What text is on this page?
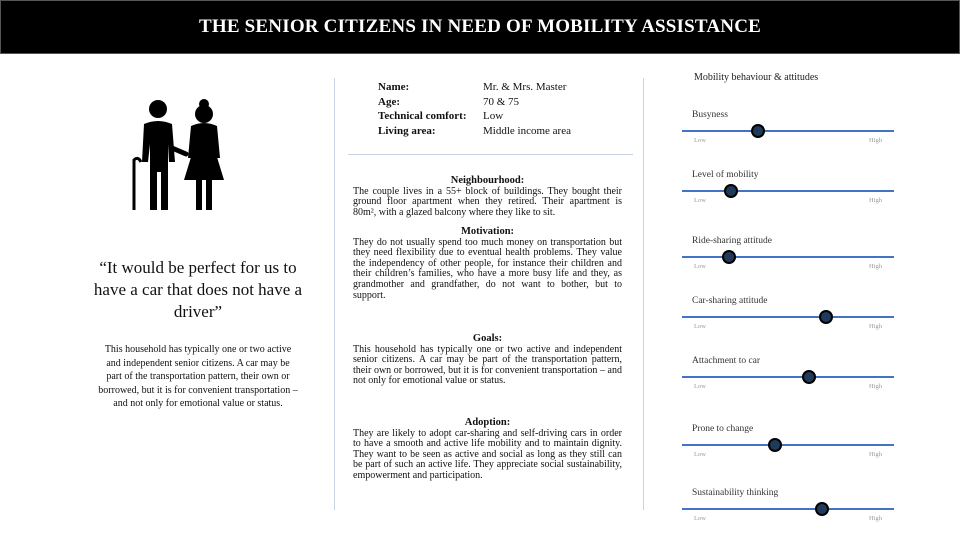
THE SENIOR CITIZENS IN NEED OF MOBILITY ASSISTANCE
“It would be perfect for us to have a car that does not have a driver”
This household has typically one or two active and independent senior citizens. A car may be part of the transportation pattern, their own or borrowed, but it is for convenient transportation – and not only for emotional value or status.
Name:	Mr. & Mrs. Master
Age:	70 & 75
Technical comfort:	Low
Living area:	Middle income area
Neighbourhood:

The couple lives in a 55+ block of buildings. They bought their ground floor apartment when they retired. Their apartment is 80m², with a glazed balcony where they like to sit.

Motivation:

They do not usually spend too much money on transportation but they need flexibility due to eventual health problems. They value the independency of other people, for instance their children and their children’s families, who have a more busy life and they, as grandmother and grandfather, do not want to bother, but to support.

Goals:

This household has typically one or two active and independent senior citizens. A car may be part of the transportation pattern, their own or borrowed, but it is for convenient transportation – and not only for emotional value or status.

Adoption:

They are likely to adopt car-sharing and self-driving cars in order to have a smooth and active life mobility and to maintain dignity. They want to be seen as active and social as long as they still can be part of such an active life. They appreciate social sustainability, empowerment and participation.

Mobility behaviour & attitudes
Busyness
Low	High
Level of mobility
Low	High
Ride-sharing attitude
Low	High
Car-sharing attitude
Low	High
Attachment to car
Low	High
Prone to change
Low	High
Sustainability thinking
Low	High
